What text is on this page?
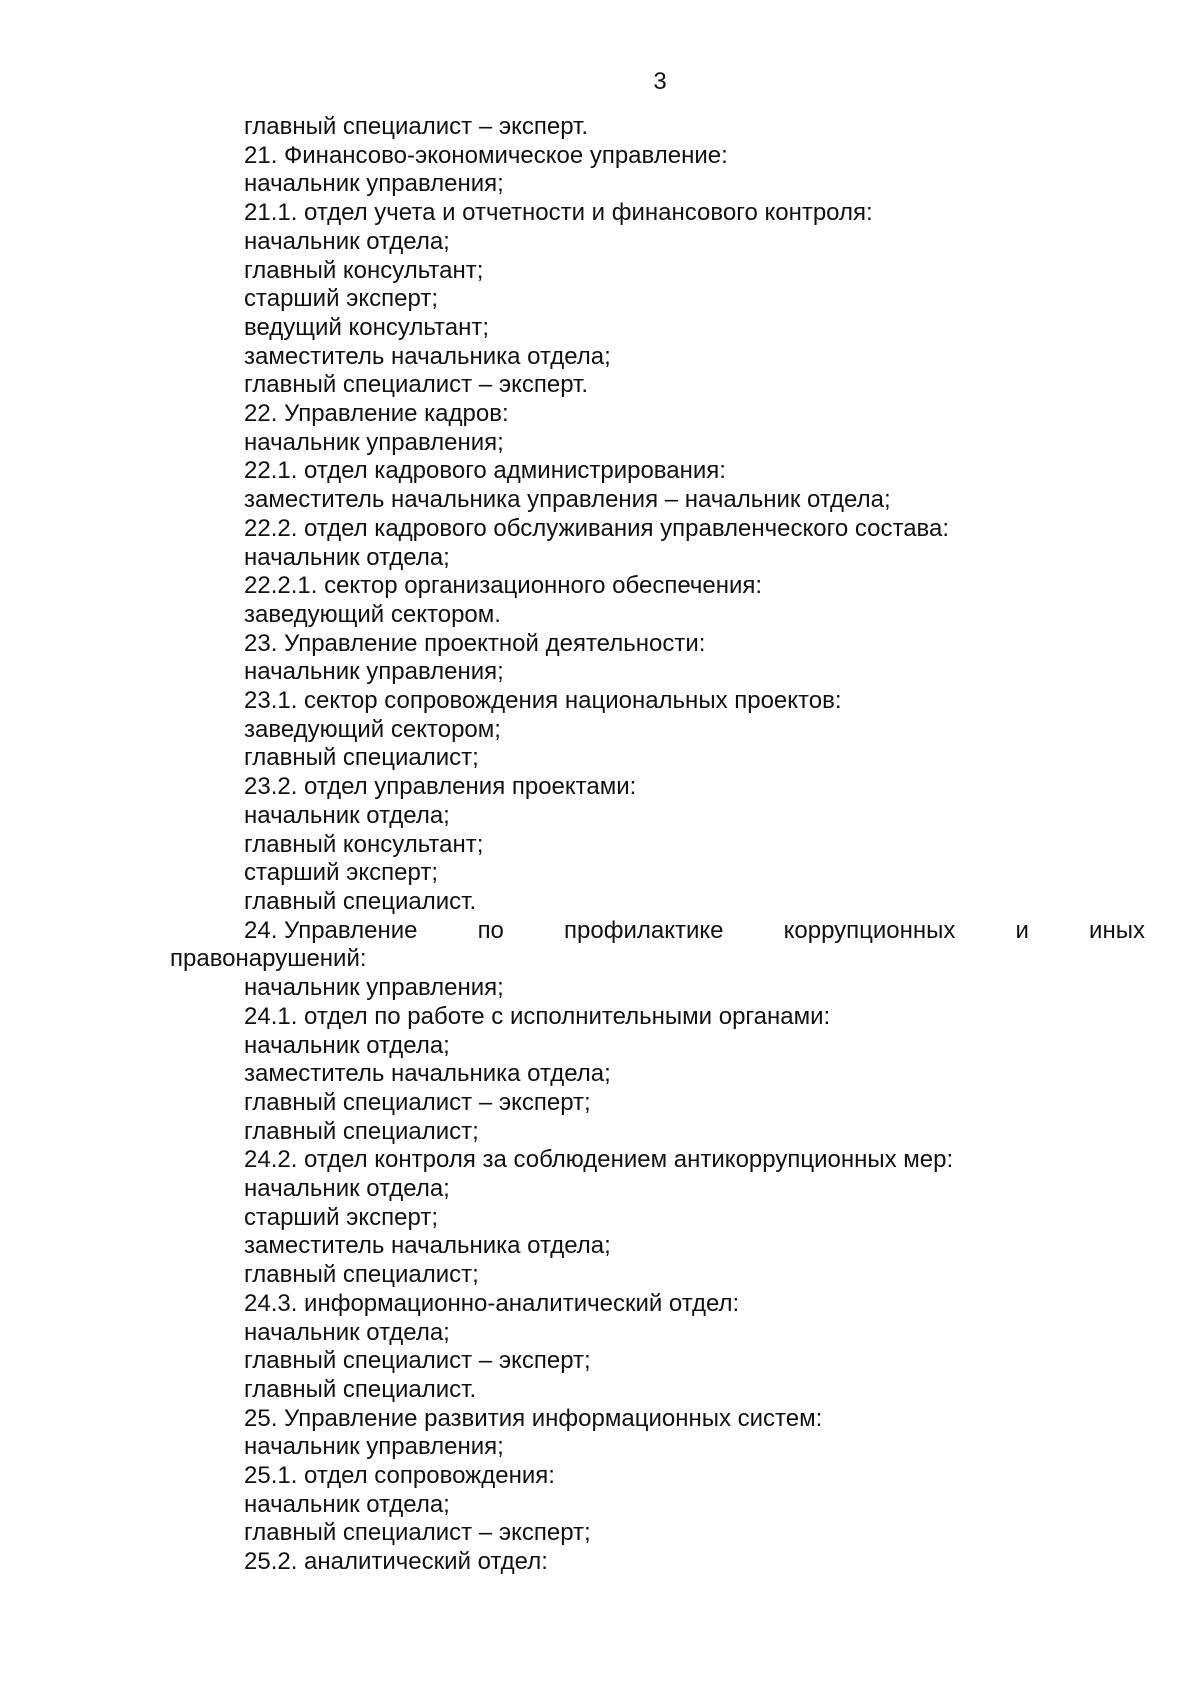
3
главный специалист – эксперт.
21. Финансово-экономическое управление:
начальник управления;
21.1. отдел учета и отчетности и финансового контроля:
начальник отдела;
главный консультант;
старший эксперт;
ведущий консультант;
заместитель начальника отдела;
главный специалист – эксперт.
22. Управление кадров:
начальник управления;
22.1. отдел кадрового администрирования:
заместитель начальника управления – начальник отдела;
22.2. отдел кадрового обслуживания управленческого состава:
начальник отдела;
22.2.1. сектор организационного обеспечения:
заведующий сектором.
23. Управление проектной деятельности:
начальник управления;
23.1. сектор сопровождения национальных проектов:
заведующий сектором;
главный специалист;
23.2. отдел управления проектами:
начальник отдела;
главный консультант;
старший эксперт;
главный специалист.
24. Управление	по	профилактике	коррупционных	и	иных
правонарушений:
начальник управления;
24.1. отдел по работе с исполнительными органами:
начальник отдела;
заместитель начальника отдела;
главный специалист – эксперт;
главный специалист;
24.2. отдел контроля за соблюдением антикоррупционных мер:
начальник отдела;
старший эксперт;
заместитель начальника отдела;
главный специалист;
24.3. информационно-аналитический отдел:
начальник отдела;
главный специалист – эксперт;
главный специалист.
25. Управление развития информационных систем:
начальник управления;
25.1. отдел сопровождения:
начальник отдела;
главный специалист – эксперт;
25.2. аналитический отдел:
